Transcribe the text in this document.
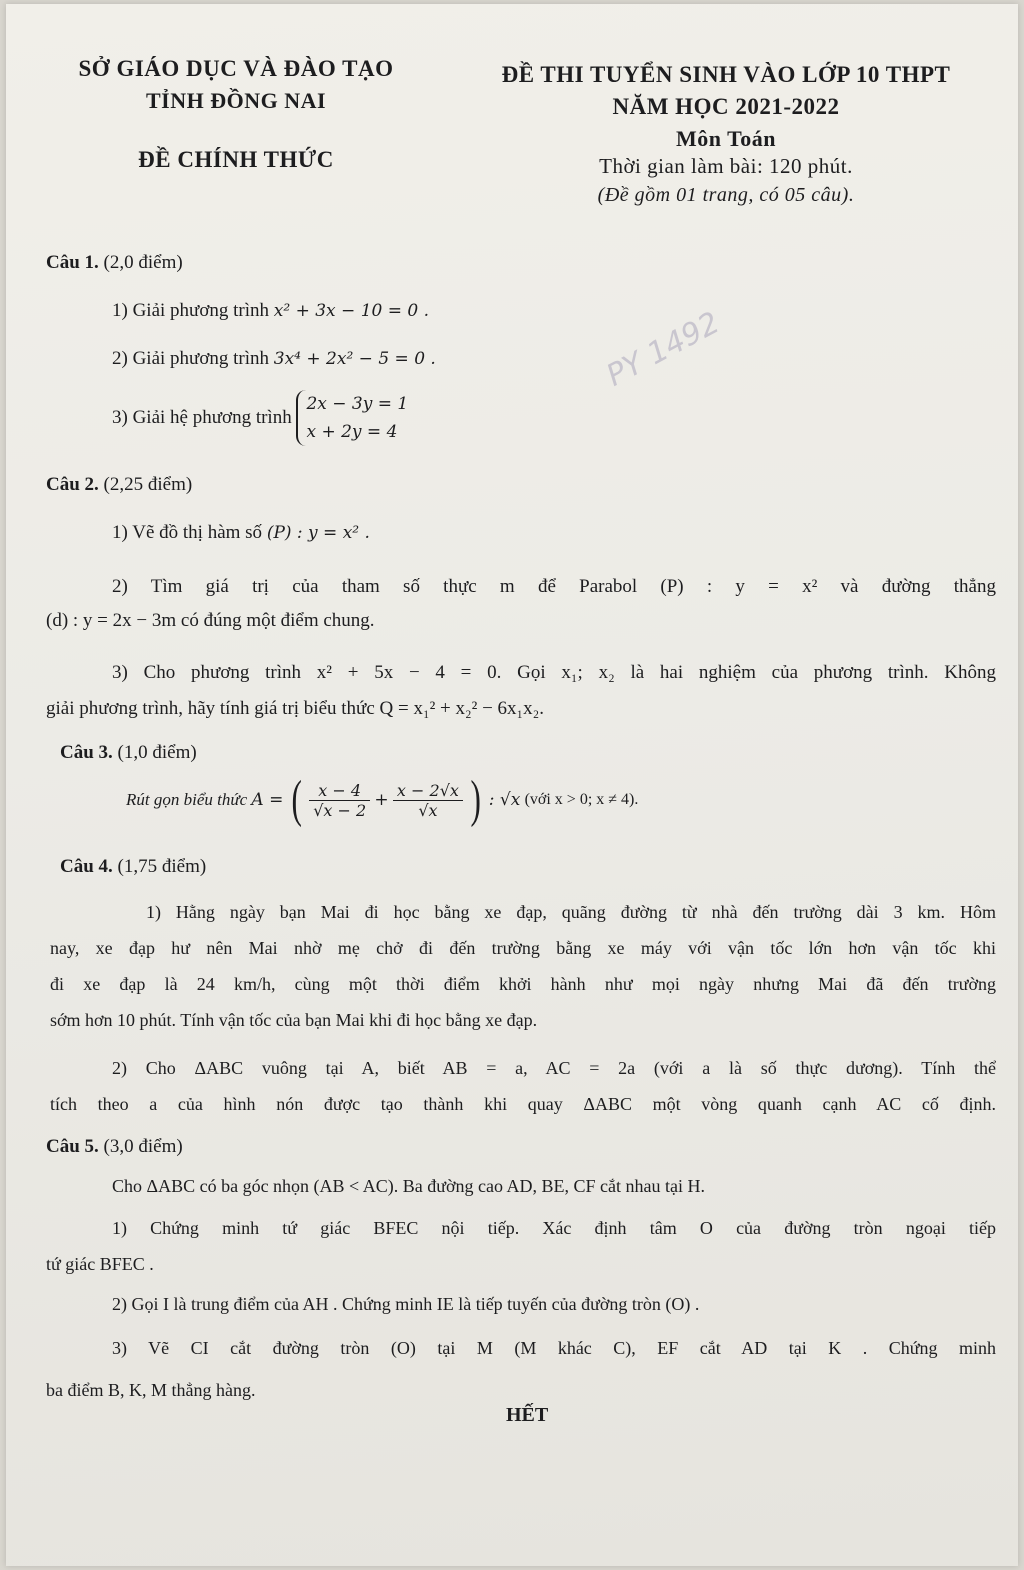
SỞ GIÁO DỤC VÀ ĐÀO TẠO
TỈNH ĐỒNG NAI
ĐỀ CHÍNH THỨC
ĐỀ THI TUYỂN SINH VÀO LỚP 10 THPT
NĂM HỌC 2021-2022
Môn Toán
Thời gian làm bài: 120 phút.
(Đề gồm 01 trang, có 05 câu).
PY 1492
Câu 1. (2,0 điểm)
1) Giải phương trình x² + 3x − 10 = 0 .
2) Giải phương trình 3x⁴ + 2x² − 5 = 0 .
3) Giải hệ phương trình
2x − 3y = 1
x + 2y = 4
Câu 2. (2,25 điểm)
1) Vẽ đồ thị hàm số (P) : y = x² .
2) Tìm giá trị của tham số thực m để Parabol (P) : y = x² và đường thẳng
(d) : y = 2x − 3m có đúng một điểm chung.
3) Cho phương trình x² + 5x − 4 = 0. Gọi x₁; x₂ là hai nghiệm của phương trình. Không
giải phương trình, hãy tính giá trị biểu thức Q = x₁² + x₂² − 6x₁x₂.
Câu 3. (1,0 điểm)
Rút gọn biểu thức A = ( $\frac{x - 4}{√x - 2} + \frac{x - 2√x}{√x}$ ) : √x (với x > 0; x ≠ 4).
Câu 4. (1,75 điểm)
1) Hằng ngày bạn Mai đi học bằng xe đạp, quãng đường từ nhà đến trường dài 3 km. Hôm
nay, xe đạp hư nên Mai nhờ mẹ chở đi đến trường bằng xe máy với vận tốc lớn hơn vận tốc khi
đi xe đạp là 24 km/h, cùng một thời điểm khởi hành như mọi ngày nhưng Mai đã đến trường
sớm hơn 10 phút. Tính vận tốc của bạn Mai khi đi học bằng xe đạp.
2) Cho ΔABC vuông tại A, biết AB = a, AC = 2a (với a là số thực dương). Tính thể
tích theo a của hình nón được tạo thành khi quay ΔABC một vòng quanh cạnh AC cố định.
Câu 5. (3,0 điểm)
Cho ΔABC có ba góc nhọn (AB < AC). Ba đường cao AD, BE, CF cắt nhau tại H.
1) Chứng minh tứ giác BFEC nội tiếp. Xác định tâm O của đường tròn ngoại tiếp
tứ giác BFEC .
2) Gọi I là trung điểm của AH . Chứng minh IE là tiếp tuyến của đường tròn (O) .
3) Vẽ CI cắt đường tròn (O) tại M (M khác C), EF cắt AD tại K . Chứng minh
ba điểm B, K, M thẳng hàng.
HẾT
